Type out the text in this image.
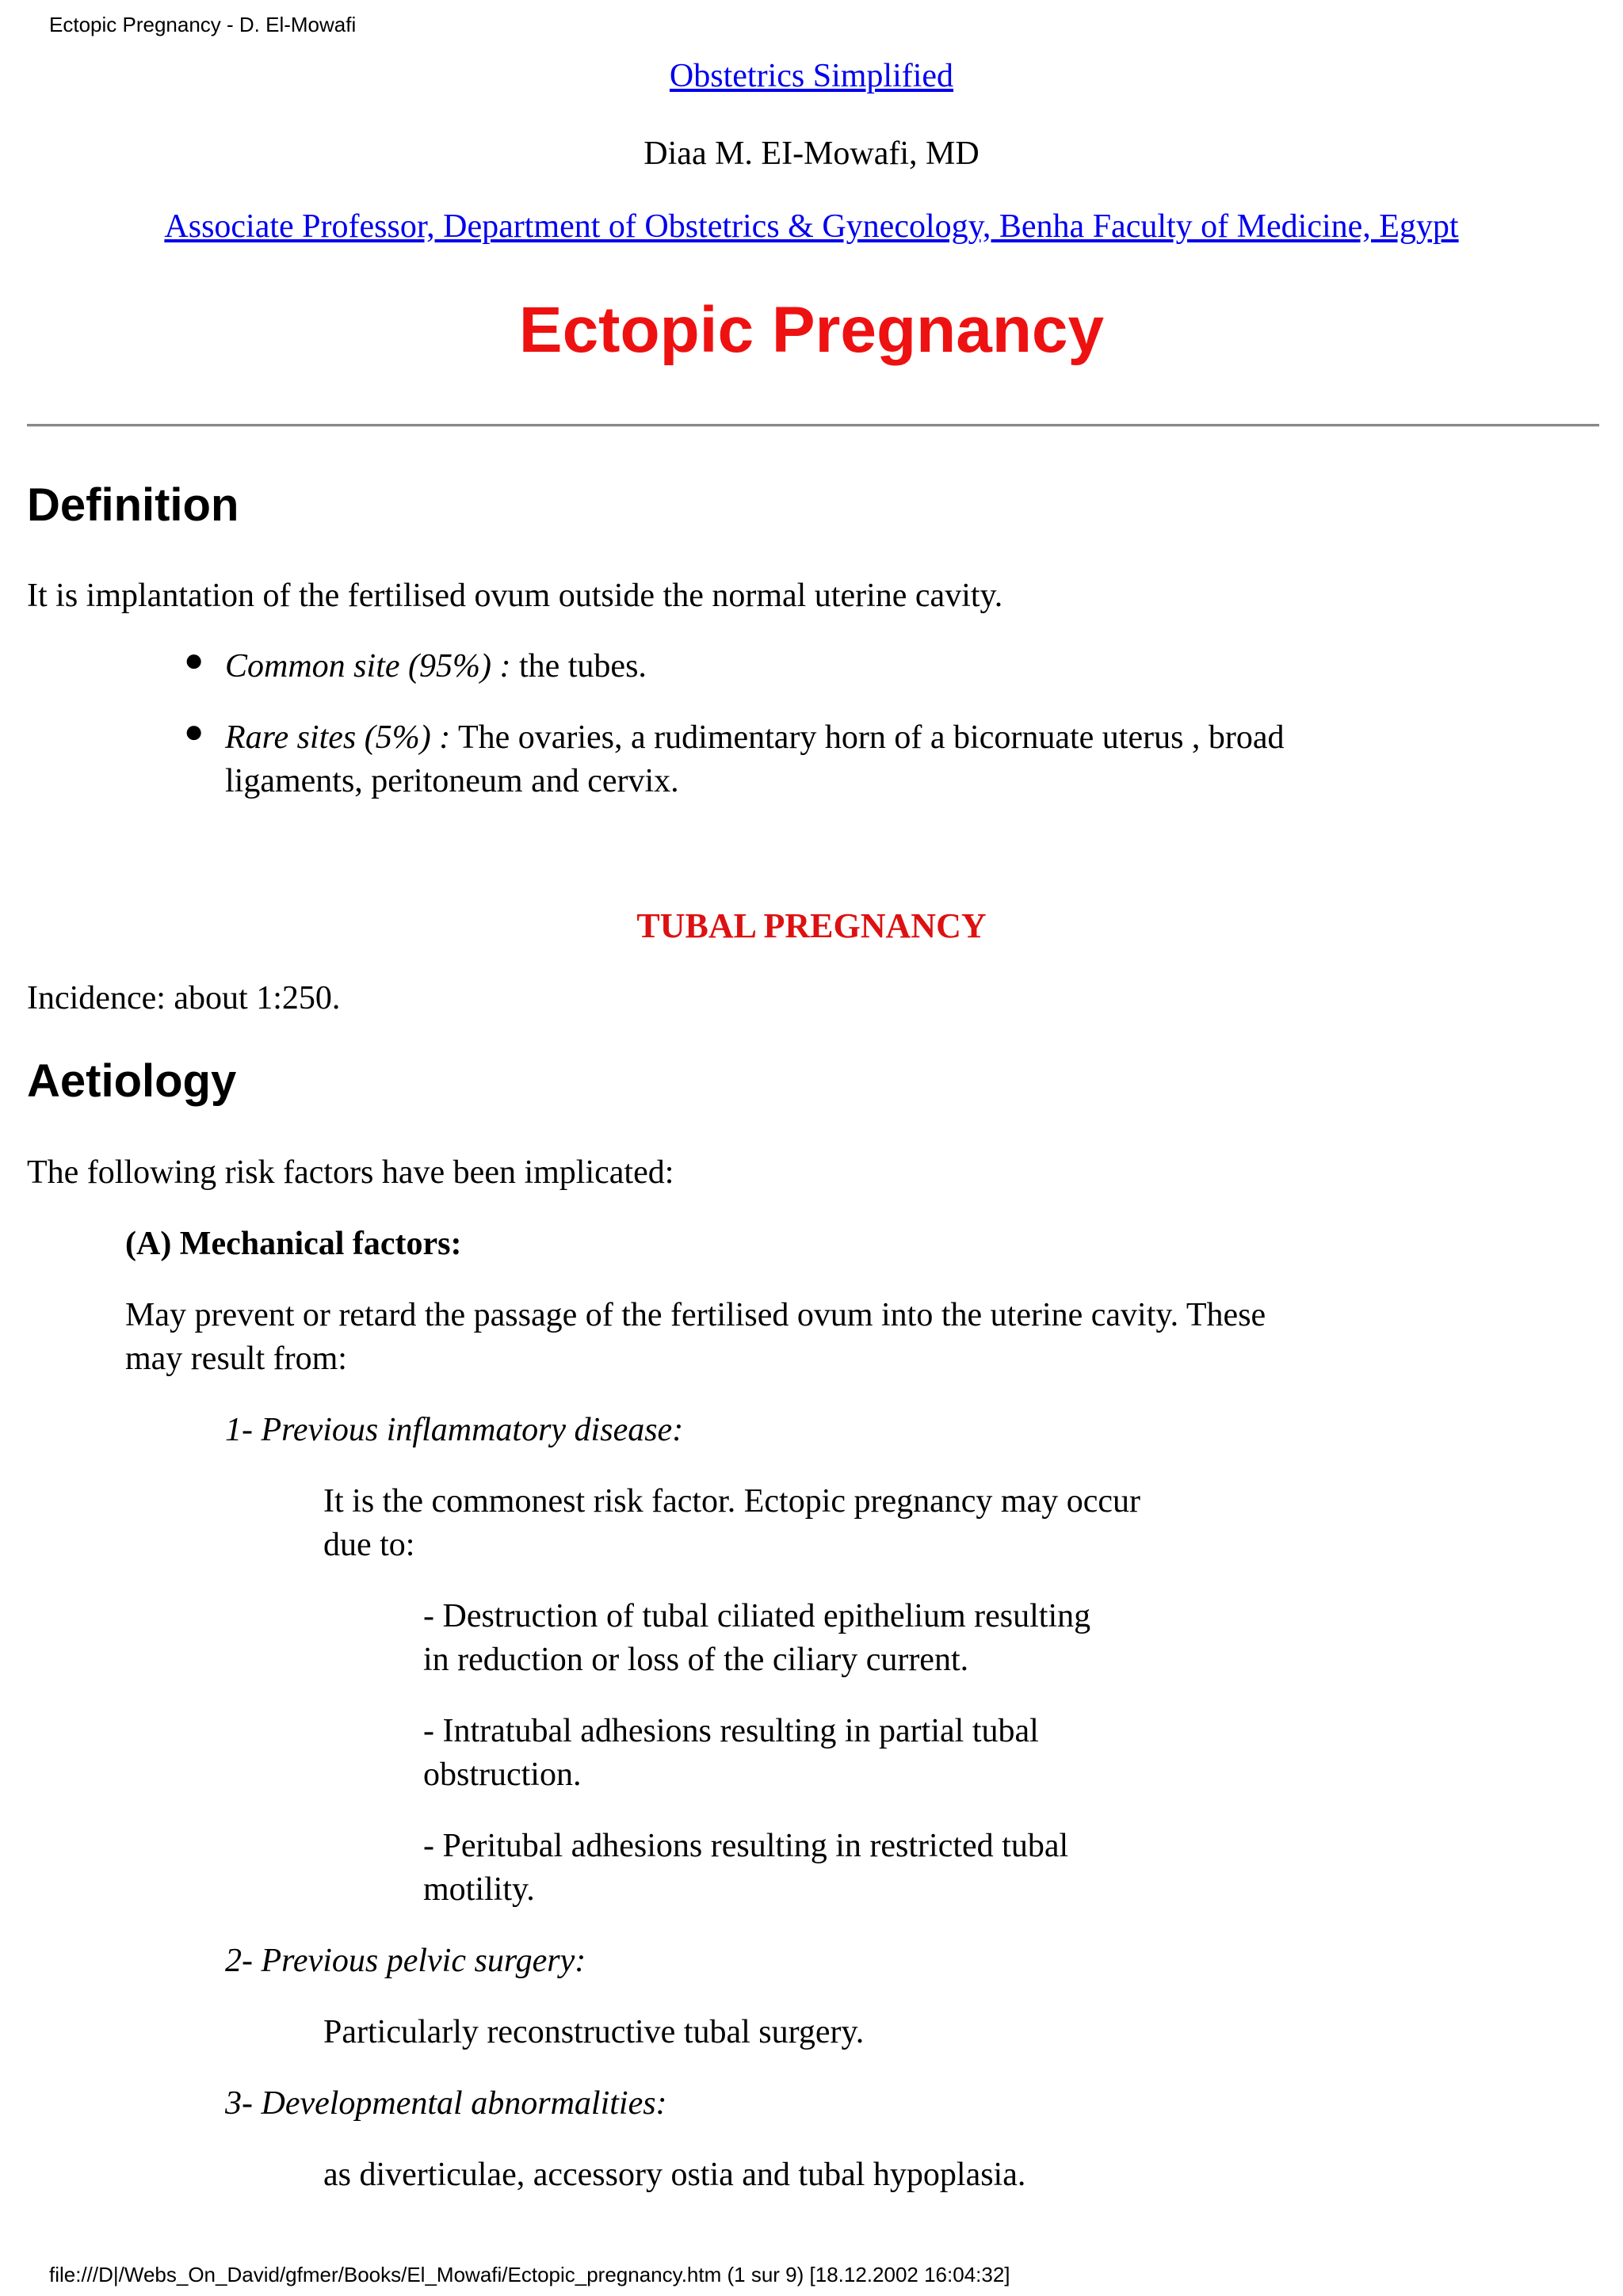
Ectopic Pregnancy - D. El-Mowafi
Obstetrics Simplified
Diaa M. EI-Mowafi, MD
Associate Professor, Department of Obstetrics & Gynecology, Benha Faculty of Medicine, Egypt
Ectopic Pregnancy
Definition
It is implantation of the fertilised ovum outside the normal uterine cavity.
● Common site (95%) : the tubes.
● Rare sites (5%) : The ovaries, a rudimentary horn of a bicornuate uterus , broad
ligaments, peritoneum and cervix.
TUBAL PREGNANCY
Incidence: about 1:250.
Aetiology
The following risk factors have been implicated:
(A) Mechanical factors:
May prevent or retard the passage of the fertilised ovum into the uterine cavity. These
may result from:
1- Previous inflammatory disease:
It is the commonest risk factor. Ectopic pregnancy may occur
due to:
- Destruction of tubal ciliated epithelium resulting
in reduction or loss of the ciliary current.
- Intratubal adhesions resulting in partial tubal
obstruction.
- Peritubal adhesions resulting in restricted tubal
motility.
2- Previous pelvic surgery:
Particularly reconstructive tubal surgery.
3- Developmental abnormalities:
as diverticulae, accessory ostia and tubal hypoplasia.
file:///D|/Webs_On_David/gfmer/Books/El_Mowafi/Ectopic_pregnancy.htm (1 sur 9) [18.12.2002 16:04:32]
